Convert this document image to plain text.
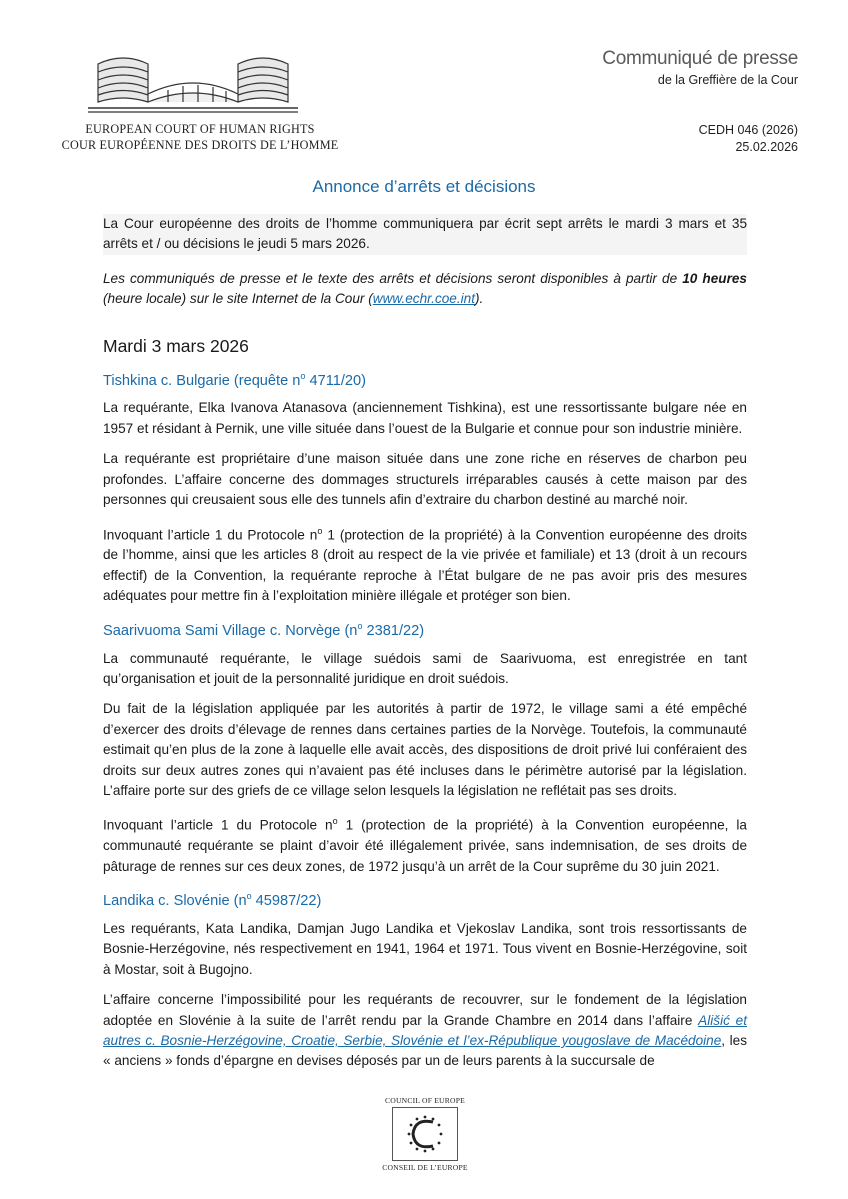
EUROPEAN COURT OF HUMAN RIGHTS
COUR EUROPÉENNE DES DROITS DE L’HOMME
Communiqué de presse
de la Greffière de la Cour
CEDH 046 (2026)
25.02.2026
Annonce d’arrêts et décisions

La Cour européenne des droits de l’homme communiquera par écrit sept arrêts le mardi 3 mars et 35 arrêts et / ou décisions le jeudi 5 mars 2026.

Les communiqués de presse et le texte des arrêts et décisions seront disponibles à partir de 10 heures (heure locale) sur le site Internet de la Cour (www.echr.coe.int).

Mardi 3 mars 2026
Tishkina c. Bulgarie (requête $n^o$ 4711/20)

La requérante, Elka Ivanova Atanasova (anciennement Tishkina), est une ressortissante bulgare née en 1957 et résidant à Pernik, une ville située dans l’ouest de la Bulgarie et connue pour son industrie minière.

La requérante est propriétaire d’une maison située dans une zone riche en réserves de charbon peu profondes. L’affaire concerne des dommages structurels irréparables causés à cette maison par des personnes qui creusaient sous elle des tunnels afin d’extraire du charbon destiné au marché noir.

Invoquant l’article 1 du Protocole $n^o$ 1 (protection de la propriété) à la Convention européenne des droits de l’homme, ainsi que les articles 8 (droit au respect de la vie privée et familiale) et 13 (droit à un recours effectif) de la Convention, la requérante reproche à l’État bulgare de ne pas avoir pris des mesures adéquates pour mettre fin à l’exploitation minière illégale et protéger son bien.

Saarivuoma Sami Village c. Norvège ($n^o$ 2381/22)

La communauté requérante, le village suédois sami de Saarivuoma, est enregistrée en tant qu’organisation et jouit de la personnalité juridique en droit suédois.

Du fait de la législation appliquée par les autorités à partir de 1972, le village sami a été empêché d’exercer des droits d’élevage de rennes dans certaines parties de la Norvège. Toutefois, la communauté estimait qu’en plus de la zone à laquelle elle avait accès, des dispositions de droit privé lui conféraient des droits sur deux autres zones qui n’avaient pas été incluses dans le périmètre autorisé par la législation. L’affaire porte sur des griefs de ce village selon lesquels la législation ne reflétait pas ses droits.

Invoquant l’article 1 du Protocole $n^o$ 1 (protection de la propriété) à la Convention européenne, la communauté requérante se plaint d’avoir été illégalement privée, sans indemnisation, de ses droits de pâturage de rennes sur ces deux zones, de 1972 jusqu’à un arrêt de la Cour suprême du 30 juin 2021.

Landika c. Slovénie ($n^o$ 45987/22)

Les requérants, Kata Landika, Damjan Jugo Landika et Vjekoslav Landika, sont trois ressortissants de Bosnie-Herzégovine, nés respectivement en 1941, 1964 et 1971. Tous vivent en Bosnie-Herzégovine, soit à Mostar, soit à Bugojno.

L’affaire concerne l’impossibilité pour les requérants de recouvrer, sur le fondement de la législation adoptée en Slovénie à la suite de l’arrêt rendu par la Grande Chambre en 2014 dans l’affaire Ališić et autres c. Bosnie-Herzégovine, Croatie, Serbie, Slovénie et l’ex-République yougoslave de Macédoine, les « anciens » fonds d’épargne en devises déposés par un de leurs parents à la succursale de

COUNCIL OF EUROPE
CONSEIL DE L’EUROPE
